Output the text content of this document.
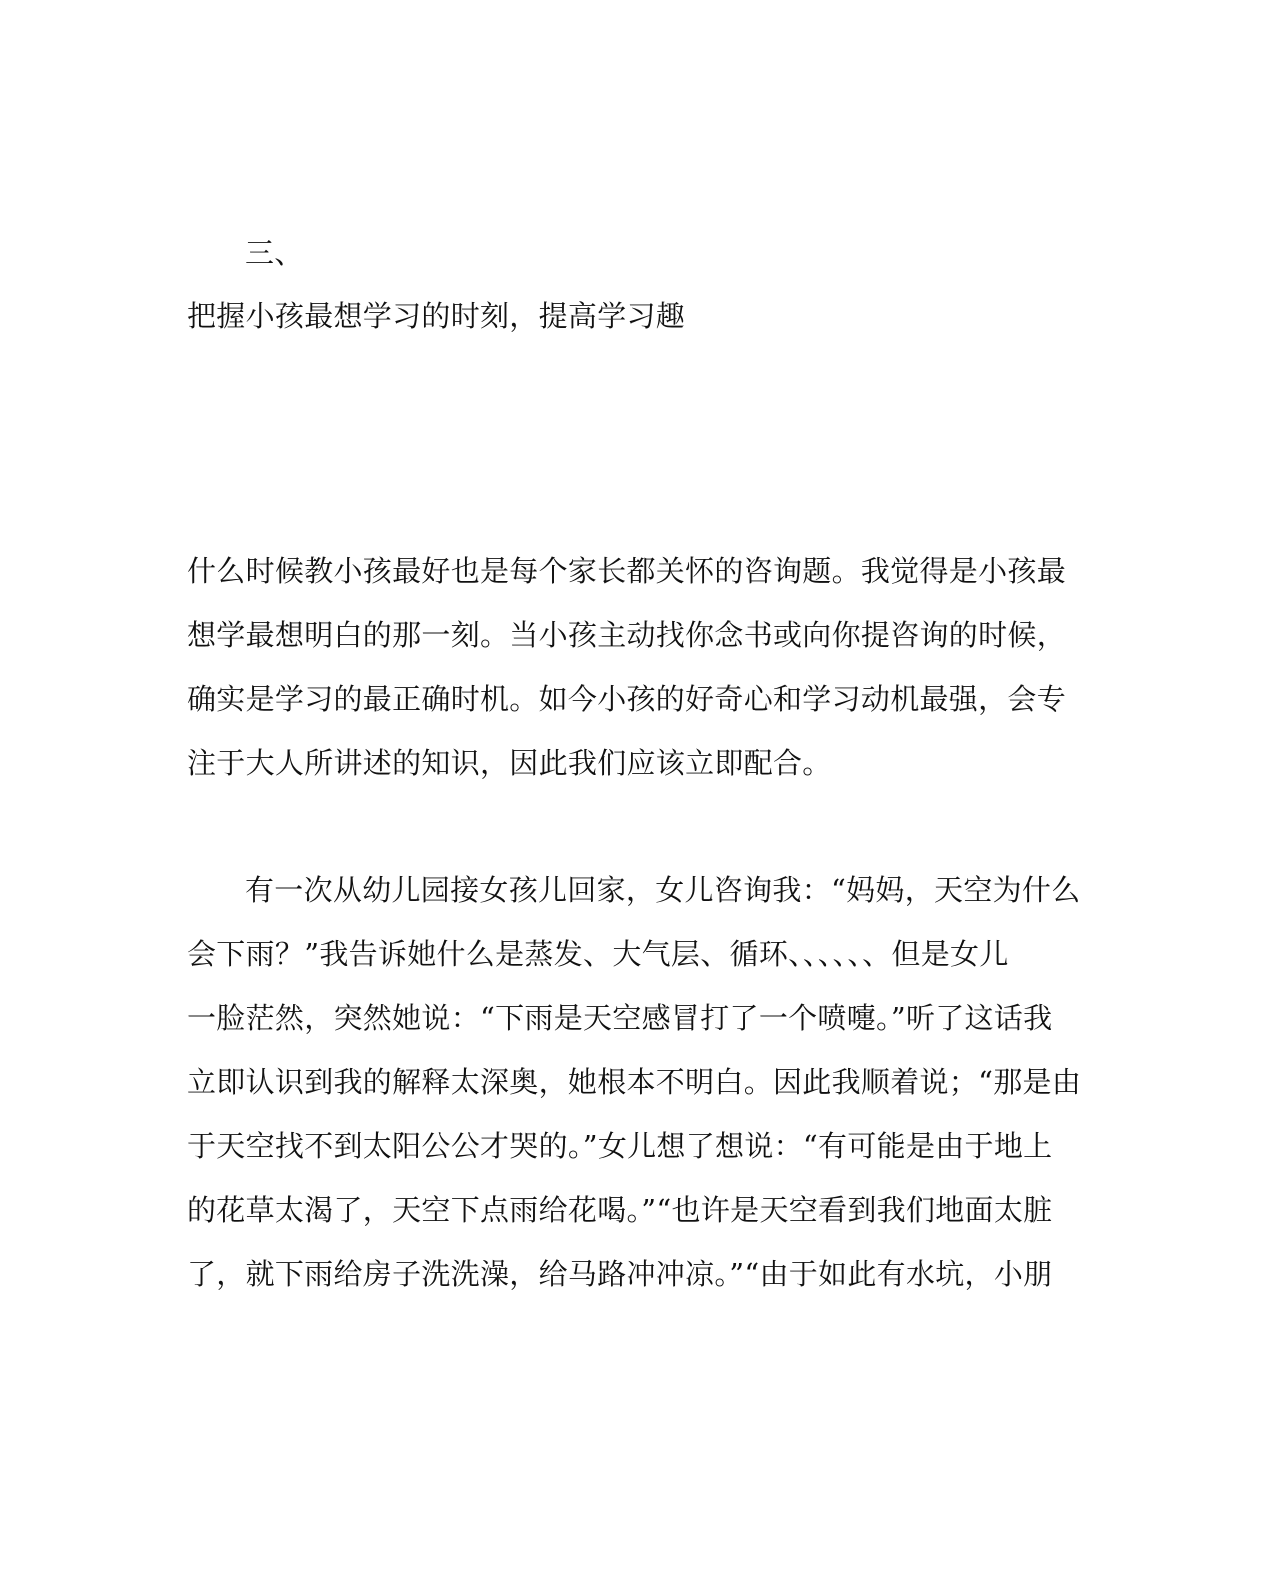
三、
把握小孩最想学习的时刻，提高学习趣
什么时候教小孩最好也是每个家长都关怀的咨询题。我觉得是小孩最
想学最想明白的那一刻。当小孩主动找你念书或向你提咨询的时候，
确实是学习的最正确时机。如今小孩的好奇心和学习动机最强，会专
注于大人所讲述的知识，因此我们应该立即配合。
有一次从幼儿园接女孩儿回家，女儿咨询我：“妈妈，天空为什么
会下雨？”我告诉她什么是蒸发、大气层、循环、、、、、、但是女儿
一脸茫然，突然她说：“下雨是天空感冒打了一个喷嚏。”听了这话我
立即认识到我的解释太深奥，她根本不明白。因此我顺着说；“那是由
于天空找不到太阳公公才哭的。”女儿想了想说：“有可能是由于地上
的花草太渴了，天空下点雨给花喝。”“也许是天空看到我们地面太脏
了，就下雨给房子洗洗澡，给马路冲冲凉。”“由于如此有水坑，小朋
